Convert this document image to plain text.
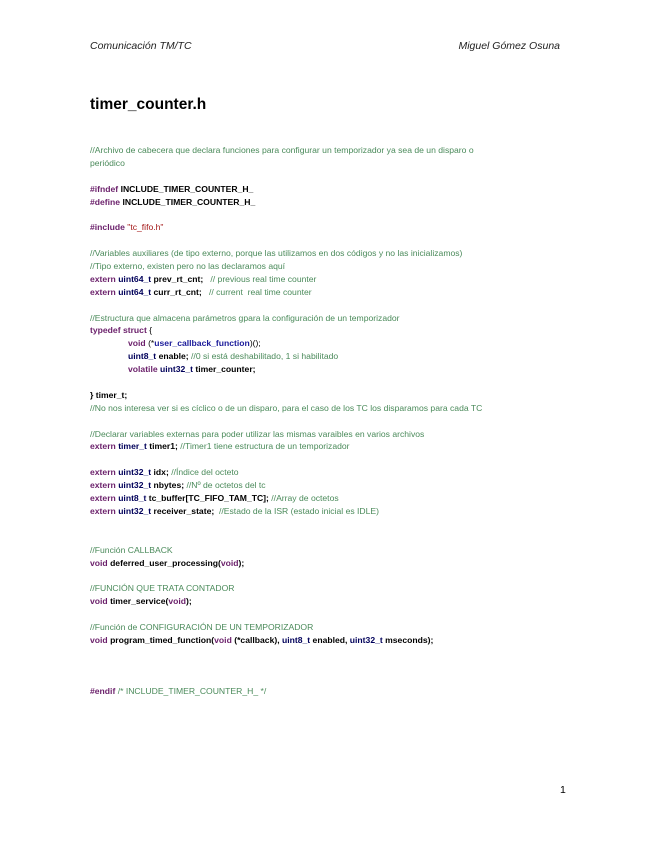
Comunicación TM/TC	Miguel Gómez Osuna
timer_counter.h
//Archivo de cabecera que declara funciones para configurar un temporizador ya sea de un disparo o
periódico
#ifndef INCLUDE_TIMER_COUNTER_H_
#define INCLUDE_TIMER_COUNTER_H_
#include "tc_fifo.h"
//Variables auxiliares (de tipo externo, porque las utilizamos en dos códigos y no las inicializamos)
//Tipo externo, existen pero no las declaramos aquí
extern uint64_t prev_rt_cnt; // previous real time counter
extern uint64_t curr_rt_cnt; // current  real time counter
//Estructura que almacena parámetros gpara la configuración de un temporizador
typedef struct {
void (*user_callback_function)();
uint8_t enable; //0 si está deshabilitado, 1 si habilitado
volatile uint32_t timer_counter;
} timer_t;
//No nos interesa ver si es cíclico o de un disparo, para el caso de los TC los disparamos para cada TC
//Declarar variables externas para poder utilizar las mismas varaibles en varios archivos
extern timer_t timer1; //Timer1 tiene estructura de un temporizador
extern uint32_t idx; //Índice del octeto
extern uint32_t nbytes; //Nº de octetos del tc
extern uint8_t tc_buffer[TC_FIFO_TAM_TC]; //Array de octetos
extern uint32_t receiver_state; //Estado de la ISR (estado inicial es IDLE)
//Función CALLBACK
void deferred_user_processing(void);
//FUNCIÓN QUE TRATA CONTADOR
void timer_service(void);
//Función de CONFIGURACIÓN DE UN TEMPORIZADOR
void program_timed_function(void (*callback), uint8_t enabled, uint32_t mseconds);
#endif /* INCLUDE_TIMER_COUNTER_H_ */
1
